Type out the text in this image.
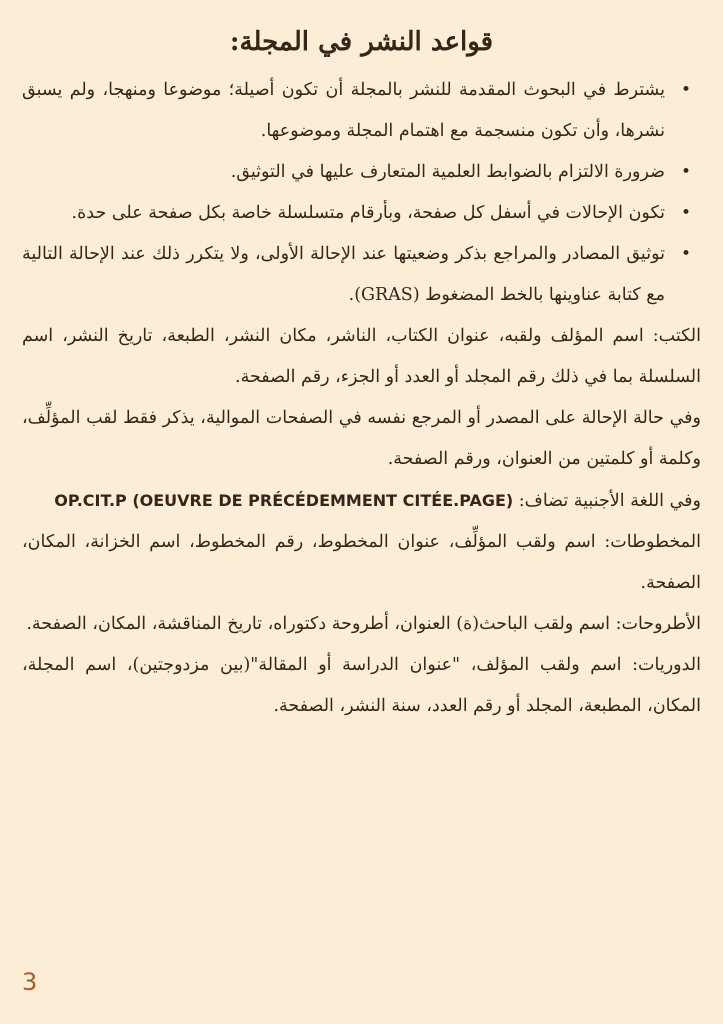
قواعد النشر في المجلة:
•
يشترط في البحوث المقدمة للنشر بالمجلة أن تكون أصيلة؛ موضوعا ومنهجا، ولم يسبق نشرها، وأن تكون منسجمة مع اهتمام المجلة وموضوعها.
•
ضرورة الالتزام بالضوابط العلمية المتعارف عليها في التوثيق.
•
تكون الإحالات في أسفل كل صفحة، وبأرقام متسلسلة خاصة بكل صفحة على حدة.
•
توثيق المصادر والمراجع بذكر وضعيتها عند الإحالة الأولى، ولا يتكرر ذلك عند الإحالة التالية مع كتابة عناوينها بالخط المضغوط (GRAS).

الكتب: اسم المؤلف ولقبه، عنوان الكتاب، الناشر، مكان النشر، الطبعة، تاريخ النشر، اسم السلسلة بما في ذلك رقم المجلد أو العدد أو الجزء، رقم الصفحة.

وفي حالة الإحالة على المصدر أو المرجع نفسه في الصفحات الموالية، يذكر فقط لقب المؤلِّف، وكلمة أو كلمتين من العنوان، ورقم الصفحة.

وفي اللغة الأجنبية تضاف: OP.CIT.P (OEUVRE DE PRÉCÉDEMMENT CITÉE.PAGE)

المخطوطات: اسم ولقب المؤلِّف، عنوان المخطوط، رقم المخطوط، اسم الخزانة، المكان، الصفحة.

الأطروحات: اسم ولقب الباحث(ة) العنوان، أطروحة دكتوراه، تاريخ المناقشة، المكان، الصفحة.

الدوريات: اسم ولقب المؤلف، "عنوان الدراسة أو المقالة"(بين مزدوجتين)، اسم المجلة، المكان، المطبعة، المجلد أو رقم العدد، سنة النشر، الصفحة.

3
